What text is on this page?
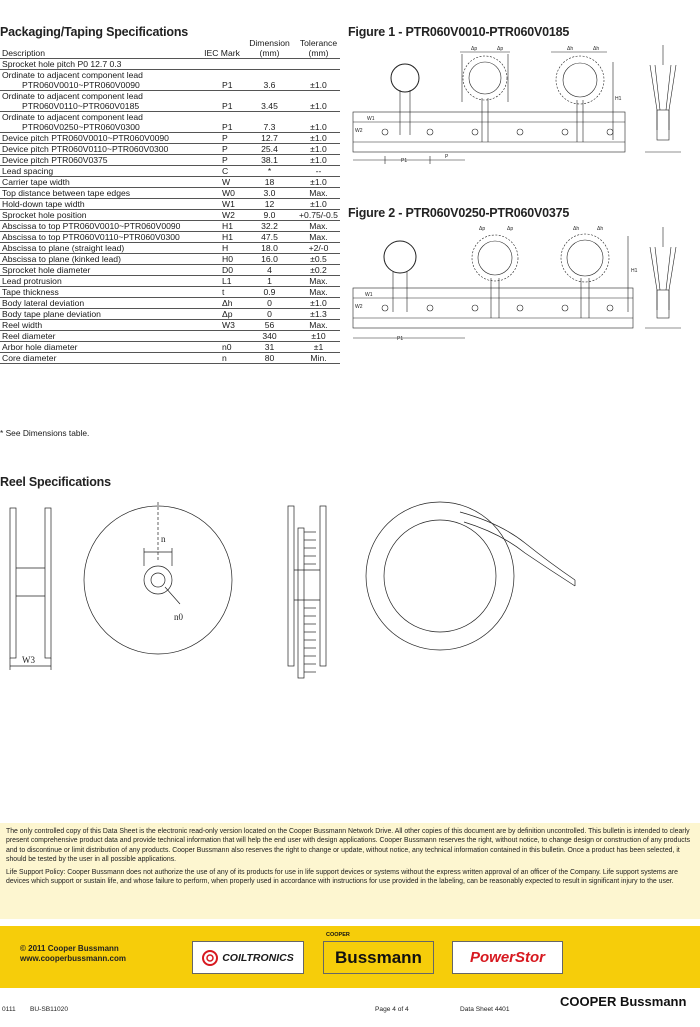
Packaging/Taping Specifications
Description	IEC Mark	Dimension (mm)	Tolerance (mm)
Sprocket hole pitch P0 12.7 0.3			
Ordinate to adjacent component lead			
PTR060V0010~PTR060V0090	P1	3.6	±1.0
Ordinate to adjacent component lead			
PTR060V0110~PTR060V0185	P1	3.45	±1.0
Ordinate to adjacent component lead			
PTR060V0250~PTR060V0300	P1	7.3	±1.0
Device pitch PTR060V0010~PTR060V0090	P	12.7	±1.0
Device pitch PTR060V0110~PTR060V0300	P	25.4	±1.0
Device pitch PTR060V0375	P	38.1	±1.0
Lead spacing	C	*	--
Carrier tape width	W	18	±1.0
Top distance between tape edges	W0	3.0	Max.
Hold-down tape width	W1	12	±1.0
Sprocket hole position	W2	9.0	+0.75/-0.5
Abscissa to top PTR060V0010~PTR060V0090	H1	32.2	Max.
Abscissa to top PTR060V0110~PTR060V0300	H1	47.5	Max.
Abscissa to plane (straight lead)	H	18.0	+2/-0
Abscissa to plane (kinked lead)	H0	16.0	±0.5
Sprocket hole diameter	D0	4	±0.2
Lead protrusion	L1	1	Max.
Tape thickness	t	0.9	Max.
Body lateral deviation	Δh	0	±1.0
Body tape plane deviation	Δp	0	±1.3
Reel width	W3	56	Max.
Reel diameter		340	±10
Arbor hole diameter	n0	31	±1
Core diameter	n	80	Min.
* See Dimensions table.
Figure 1 - PTR060V0010-PTR060V0185
W1
W2
P1
P
Δp	Δp	Δh	Δh
H1
Figure 2 - PTR060V0250-PTR060V0375
W1
W2
P1
Δp	Δp	Δh	Δh
H1
Reel Specifications
W3
n
n0

The only controlled copy of this Data Sheet is the electronic read-only version located on the Cooper Bussmann Network Drive. All other copies of this document are by definition uncontrolled. This bulletin is intended to clearly present comprehensive product data and provide technical information that will help the end user with design applications. Cooper Bussmann reserves the right, without notice, to change design or construction of any products and to discontinue or limit distribution of any products. Cooper Bussmann also reserves the right to change or update, without notice, any technical information contained in this bulletin. Once a product has been selected, it should be tested by the user in all possible applications.

Life Support Policy: Cooper Bussmann does not authorize the use of any of its products for use in life support devices or systems without the express written approval of an officer of the Company. Life support systems are devices which support or sustain life, and whose failure to perform, when properly used in accordance with instructions for use provided in the labeling, can be reasonably expected to result in significant injury to the user.

© 2011 Cooper Bussmann
www.cooperbussmann.com	COILTRONICS
COOPER
Bussmann	PowerStor
0111 BU-SB11020	Page 4 of 4	Data Sheet 4401
COOPER Bussmann
